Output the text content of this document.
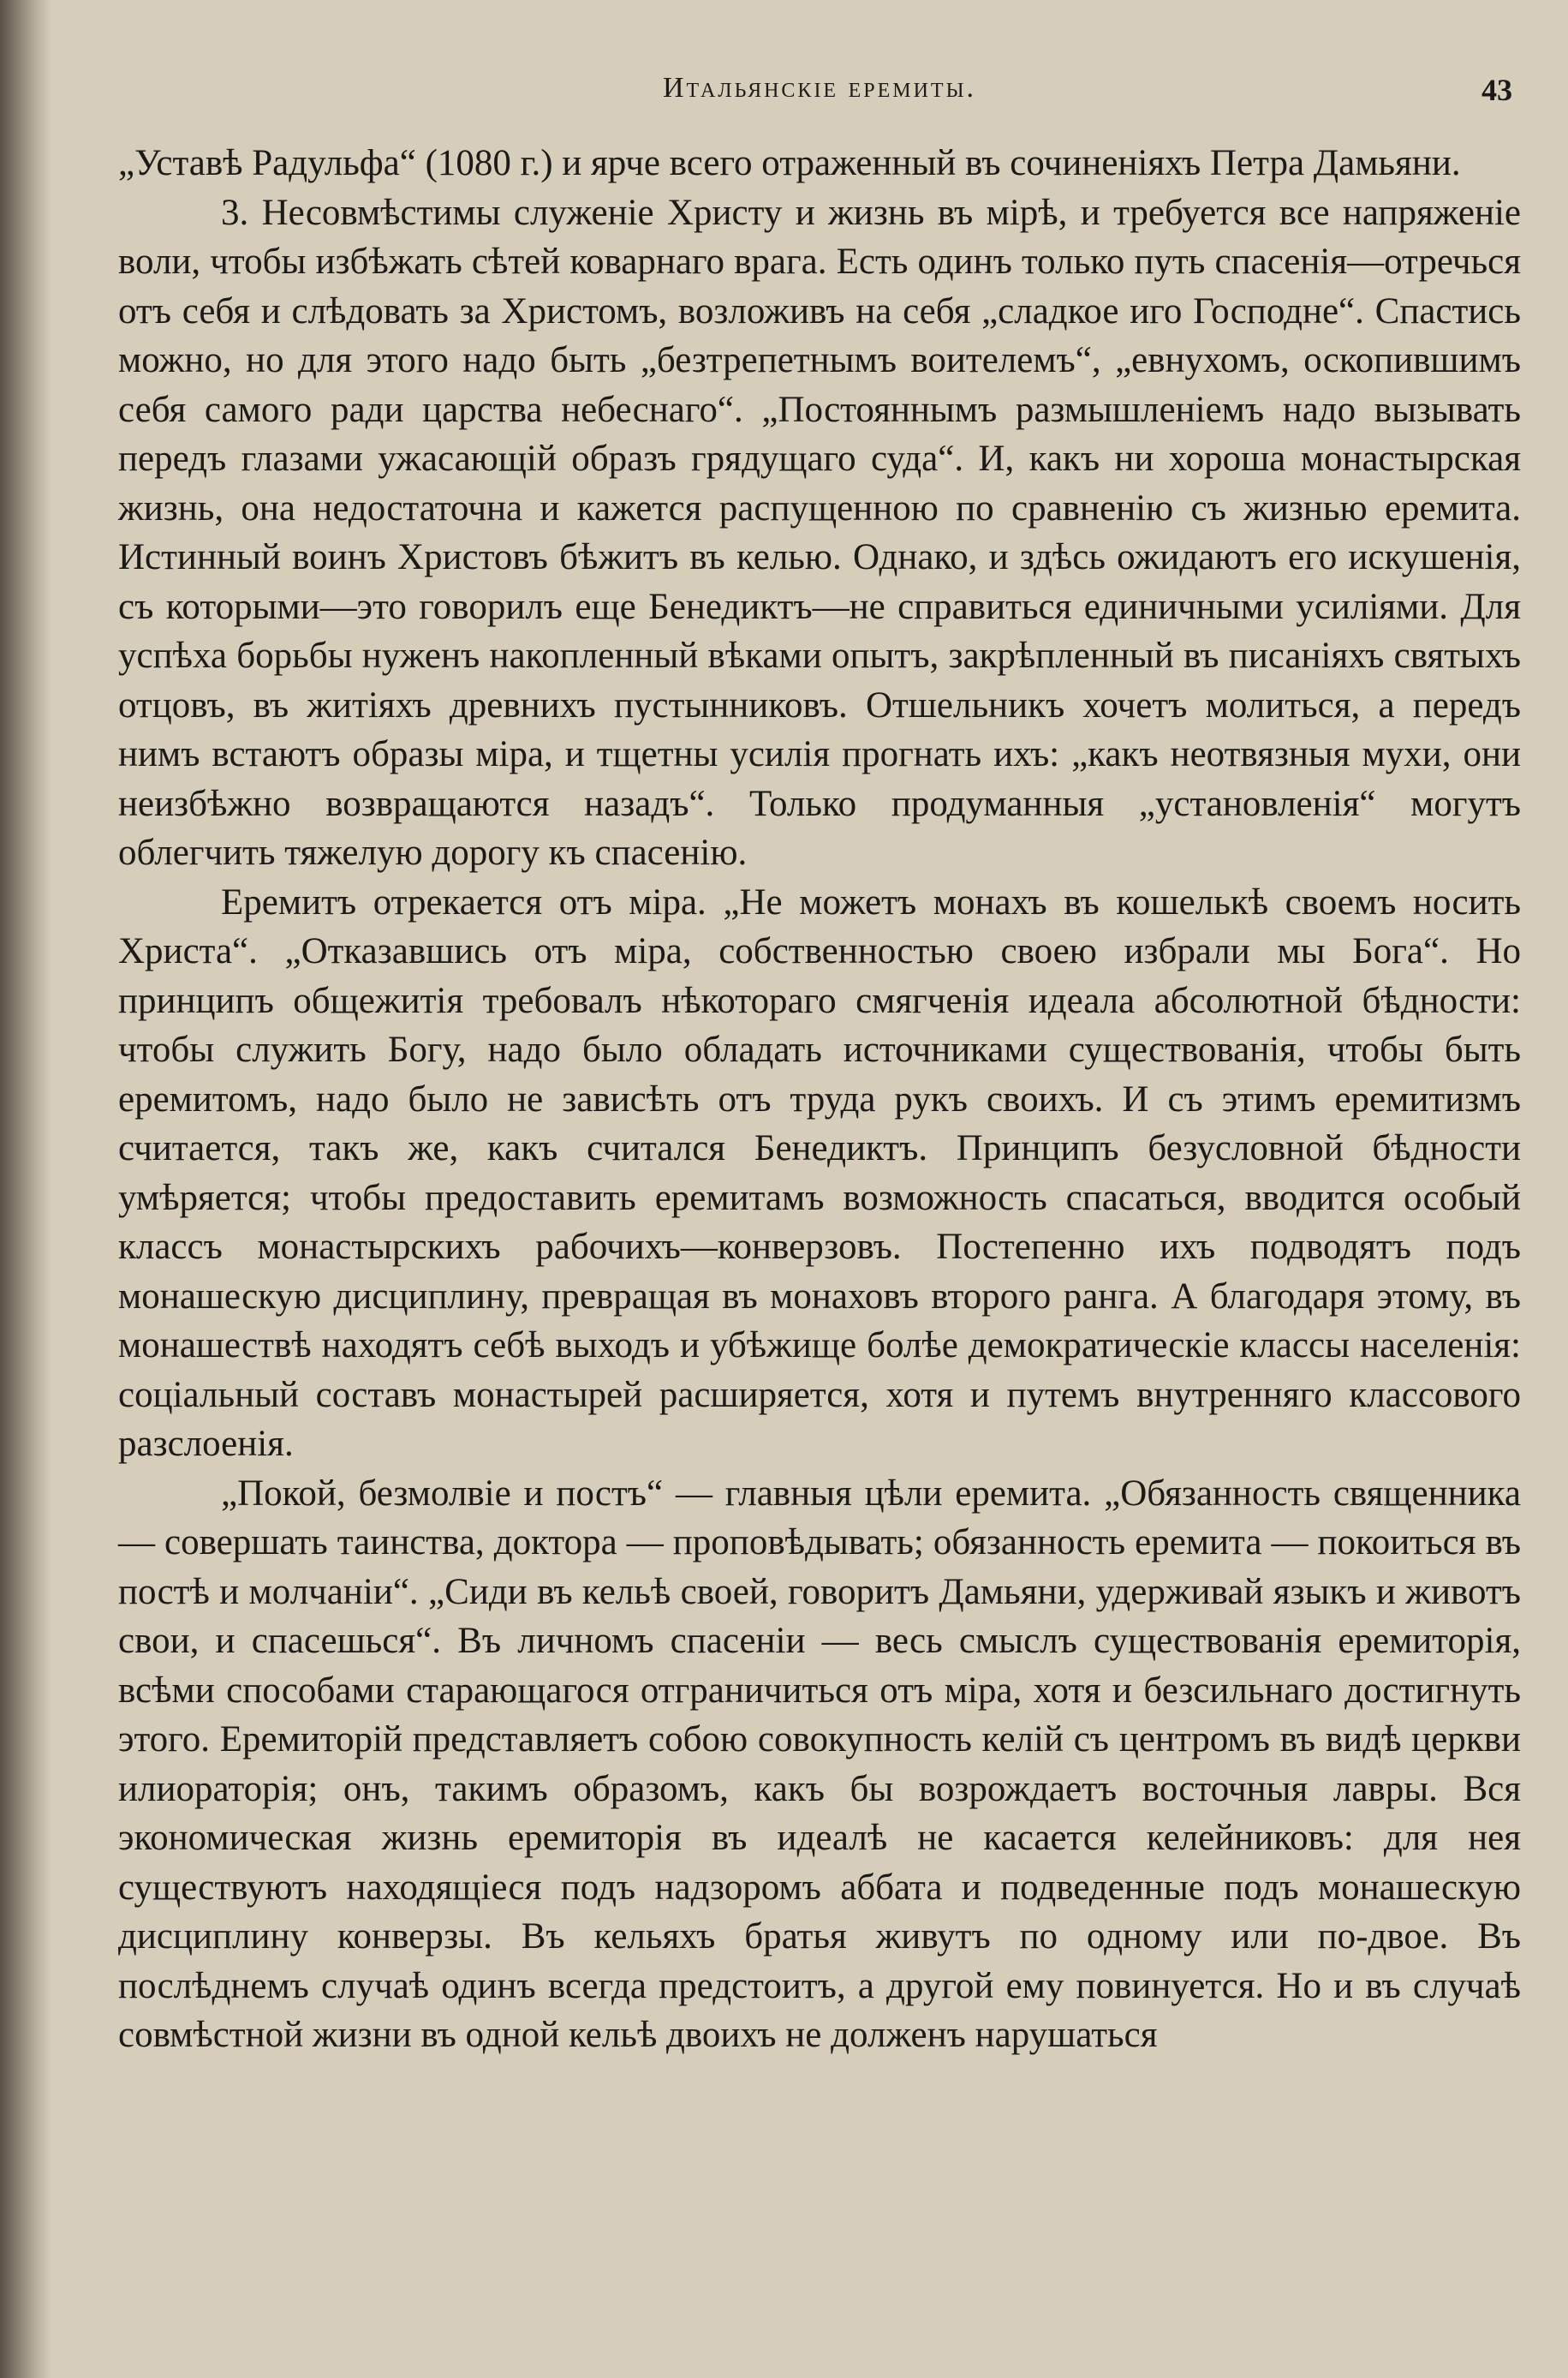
Итальянскіе еремиты.	43

„Уставѣ Радульфа“ (1080 г.) и ярче всего отраженный въ сочиненіяхъ Петра Дамьяни.

3. Несовмѣстимы служеніе Христу и жизнь въ мірѣ, и требуется все напряженіе воли, чтобы избѣжать сѣтей коварнаго врага. Есть одинъ только путь спасенія—отречься отъ себя и слѣдовать за Христомъ, возложивъ на себя „сладкое иго Господне“. Спастись можно, но для этого надо быть „безтрепетнымъ воителемъ“, „евнухомъ, оскопившимъ себя самого ради царства небеснаго“. „Постояннымъ размышленіемъ надо вызывать передъ глазами ужасающій образъ грядущаго суда“. И, какъ ни хороша монастырская жизнь, она недостаточна и кажется распущенною по сравненію съ жизнью еремита. Истинный воинъ Христовъ бѣжитъ въ келью. Однако, и здѣсь ожидаютъ его искушенія, съ которыми—это говорилъ еще Бенедиктъ—не справиться единичными усиліями. Для успѣха борьбы нуженъ накопленный вѣками опытъ, закрѣпленный въ писаніяхъ святыхъ отцовъ, въ житіяхъ древнихъ пустынниковъ. Отшельникъ хочетъ молиться, а передъ нимъ встаютъ образы міра, и тщетны усилія прогнать ихъ: „какъ неотвязныя мухи, они неизбѣжно возвращаются назадъ“. Только продуманныя „установленія“ могутъ облегчить тяжелую дорогу къ спасенію.

Еремитъ отрекается отъ міра. „Не можетъ монахъ въ кошелькѣ своемъ носить Христа“. „Отказавшись отъ міра, собственностью своею избрали мы Бога“. Но принципъ общежитія требовалъ нѣкотораго смягченія идеала абсолютной бѣдности: чтобы служить Богу, надо было обладать источниками существованія, чтобы быть еремитомъ, надо было не зависѣть отъ труда рукъ своихъ. И съ этимъ еремитизмъ считается, такъ же, какъ считался Бенедиктъ. Принципъ безусловной бѣдности умѣряется; чтобы предоставить еремитамъ возможность спасаться, вводится особый классъ монастырскихъ рабочихъ—конверзовъ. Постепенно ихъ подводятъ подъ монашескую дисциплину, превращая въ монаховъ второго ранга. А благодаря этому, въ монашествѣ находятъ себѣ выходъ и убѣжище болѣе демократическіе классы населенія: соціальный составъ монастырей расширяется, хотя и путемъ внутренняго классового разслоенія.

„Покой, безмолвіе и постъ“ — главныя цѣли еремита. „Обязанность священника — совершать таинства, доктора — проповѣдывать; обязанность еремита — покоиться въ постѣ и молчаніи“. „Сиди въ кельѣ своей, говоритъ Дамьяни, удерживай языкъ и животъ свои, и спасешься“. Въ личномъ спасеніи — весь смыслъ существованія еремиторія, всѣми способами старающагося отграничиться отъ міра, хотя и безсильнаго достигнуть этого. Еремиторій представляетъ собою совокупность келій съ центромъ въ видѣ церкви илиораторія; онъ, такимъ образомъ, какъ бы возрождаетъ восточныя лавры. Вся экономическая жизнь еремиторія въ идеалѣ не касается келейниковъ: для нея существуютъ находящіеся подъ надзоромъ аббата и подведенные подъ монашескую дисциплину конверзы. Въ кельяхъ братья живутъ по одному или по-двое. Въ послѣднемъ случаѣ одинъ всегда предстоитъ, а другой ему повинуется. Но и въ случаѣ совмѣстной жизни въ одной кельѣ двоихъ не долженъ нарушаться
